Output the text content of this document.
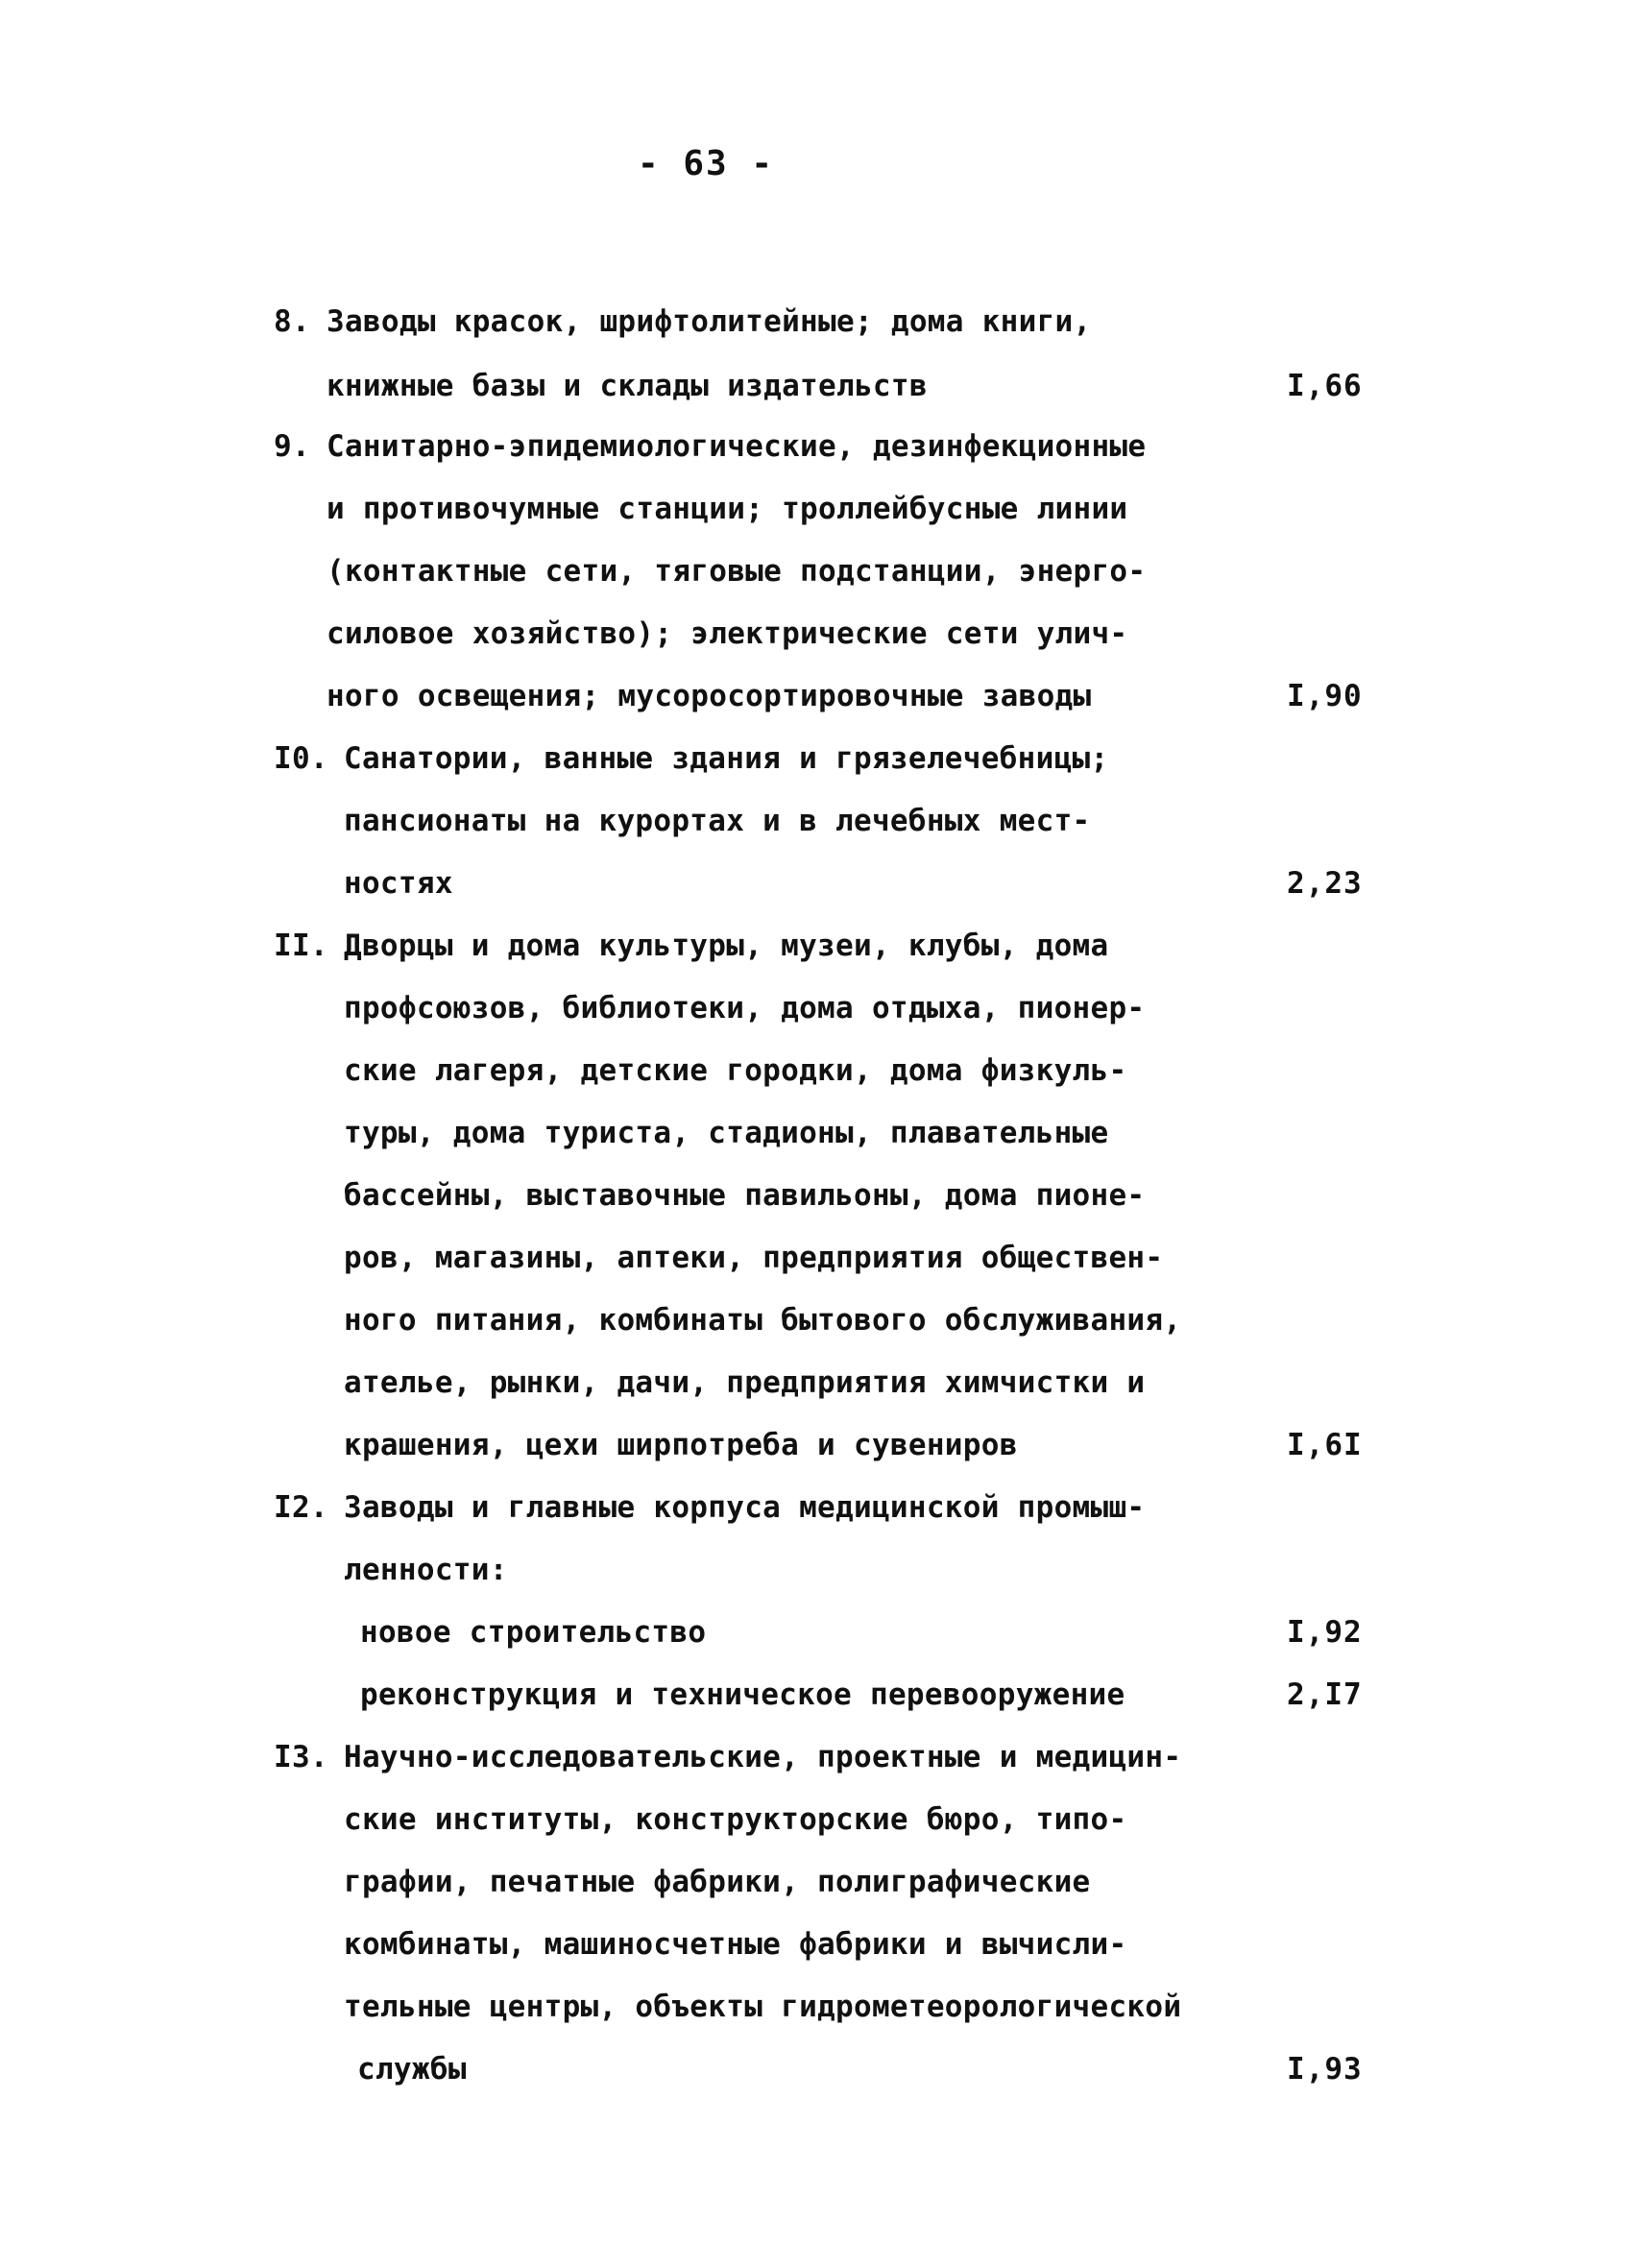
- 63 -
8. Заводы красок, шрифтолитейные; дома книги,
книжные базы и склады издательств	I,66
9. Санитарно-эпидемиологические, дезинфекционные
и противочумные станции; троллейбусные линии
(контактные сети, тяговые подстанции, энерго-
силовое хозяйство); электрические сети улич-
ного освещения; мусоросортировочные заводы	I,90
I0. Санатории, ванные здания и грязелечебницы;
пансионаты на курортах и в лечебных мест-
ностях	2,23
II. Дворцы и дома культуры, музеи, клубы, дома
профсоюзов, библиотеки, дома отдыха, пионер-
ские лагеря, детские городки, дома физкуль-
туры, дома туриста, стадионы, плавательные
бассейны, выставочные павильоны, дома пионе-
ров, магазины, аптеки, предприятия обществен-
ного питания, комбинаты бытового обслуживания,
ателье, рынки, дачи, предприятия химчистки и
крашения, цехи ширпотреба и сувениров	I,6I
I2. Заводы и главные корпуса медицинской промыш-
ленности:
новое строительство	I,92
реконструкция и техническое перевооружение	2,I7
I3. Научно-исследовательские, проектные и медицин-
ские институты, конструкторские бюро, типо-
графии, печатные фабрики, полиграфические
комбинаты, машиносчетные фабрики и вычисли-
тельные центры, объекты гидрометеорологической
службы	I,93
